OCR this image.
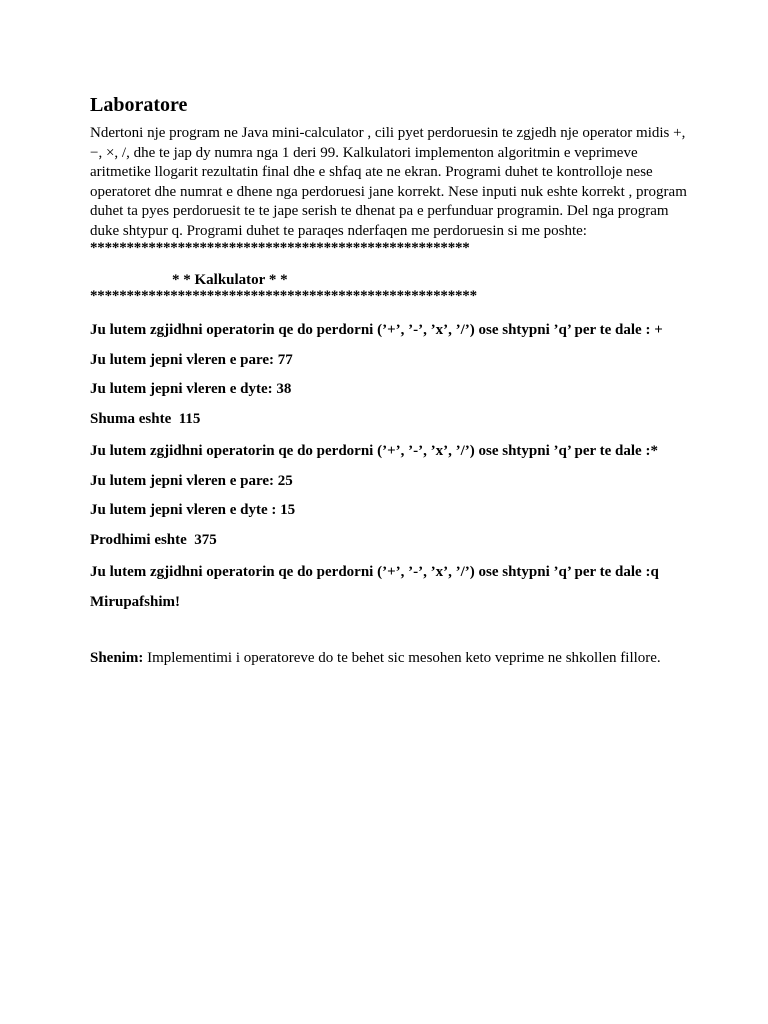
Laboratore

Ndertoni nje program ne Java mini-calculator , cili pyet perdoruesin te zgjedh nje operator midis +, −, ×, /, dhe te jap dy numra nga 1 deri 99. Kalkulatori implementon algoritmin e veprimeve aritmetike llogarit rezultatin final dhe e shfaq ate ne ekran. Programi duhet te kontrolloje nese operatoret dhe numrat e dhene nga perdoruesi jane korrekt. Nese inputi nuk eshte korrekt , program duhet ta pyes perdoruesit te te jape serish te dhenat pa e perfunduar programin. Del nga program duke shtypur q. Programi duhet te paraqes nderfaqen me perdoruesin si me poshte:

****************************************************
* * Kalkulator * *
*****************************************************
Ju lutem zgjidhni operatorin qe do perdorni (’+’, ’-’, ’x’, ’/’) ose shtypni ’q’ per te dale : +
Ju lutem jepni vleren e pare: 77
Ju lutem jepni vleren e dyte: 38
Shuma eshte  115
Ju lutem zgjidhni operatorin qe do perdorni (’+’, ’-’, ’x’, ’/’) ose shtypni ’q’ per te dale :*
Ju lutem jepni vleren e pare: 25
Ju lutem jepni vleren e dyte : 15
Prodhimi eshte  375
Ju lutem zgjidhni operatorin qe do perdorni (’+’, ’-’, ’x’, ’/’) ose shtypni ’q’ per te dale :q
Mirupafshim!
Shenim: Implementimi i operatoreve do te behet sic mesohen keto veprime ne shkollen fillore.
